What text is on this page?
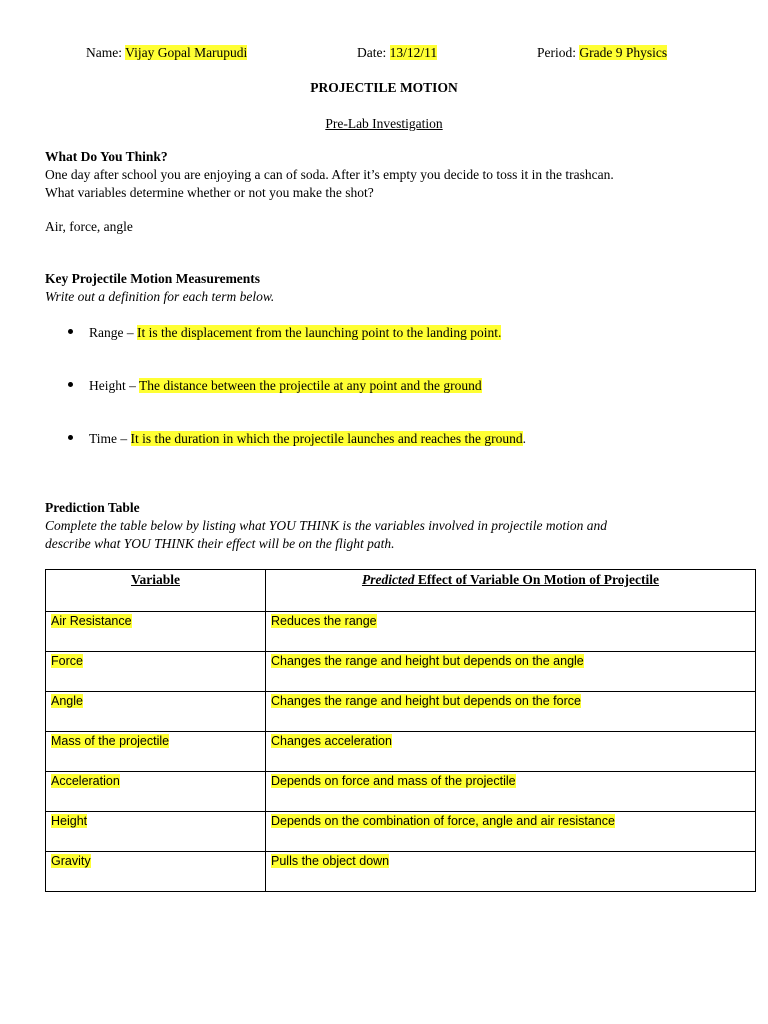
Name: Vijay Gopal Marupudi	Date: 13/12/11	Period: Grade 9 Physics
PROJECTILE MOTION
Pre-Lab Investigation
What Do You Think?
One day after school you are enjoying a can of soda. After it’s empty you decide to toss it in the trashcan.
What variables determine whether or not you make the shot?
Air, force, angle
Key Projectile Motion Measurements
Write out a definition for each term below.
Range – It is the displacement from the launching point to the landing point.
Height – The distance between the projectile at any point and the ground
Time – It is the duration in which the projectile launches and reaches the ground.
Prediction Table
Complete the table below by listing what YOU THINK is the variables involved in projectile motion and
describe what YOU THINK their effect will be on the flight path.
Variable	Predicted Effect of Variable On Motion of Projectile
Air Resistance	Reduces the range
Force	Changes the range and height but depends on the angle
Angle	Changes the range and height but depends on the force
Mass of the projectile	Changes acceleration
Acceleration	Depends on force and mass of the projectile
Height	Depends on the combination of force, angle and air resistance
Gravity	Pulls the object down
